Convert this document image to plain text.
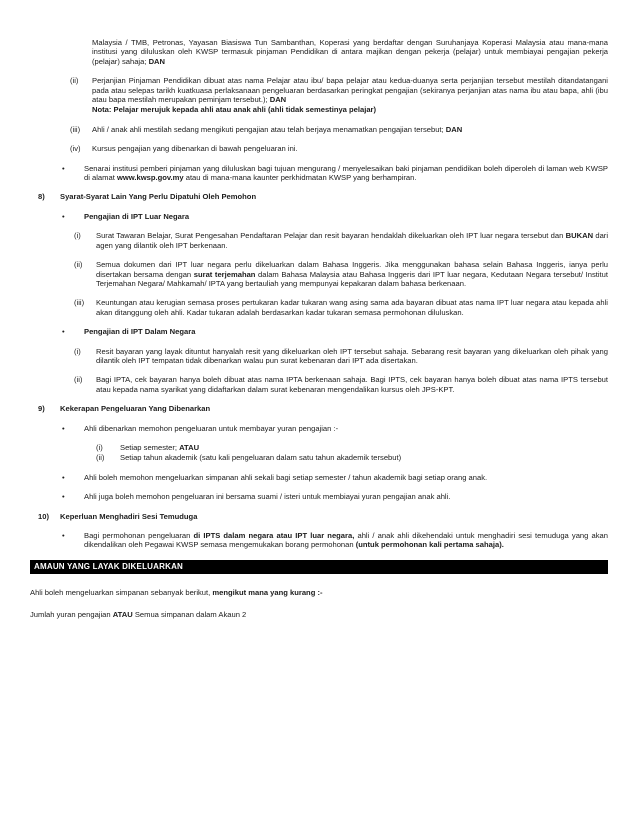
Malaysia / TMB, Petronas, Yayasan Biasiswa Tun Sambanthan, Koperasi yang berdaftar dengan Suruhanjaya Koperasi Malaysia atau mana-mana institusi yang diluluskan oleh KWSP termasuk pinjaman Pendidikan di antara majikan dengan pekerja (pelajar) untuk membiayai pengajian pekerja (pelajar) sahaja; DAN
(ii) Perjanjian Pinjaman Pendidikan dibuat atas nama Pelajar atau ibu/ bapa pelajar atau kedua-duanya serta perjanjian tersebut mestilah ditandatangani pada atau selepas tarikh kuatkuasa perlaksanaan pengeluaran berdasarkan peringkat pengajian (sekiranya perjanjian atas nama ibu atau bapa, ahli (ibu atau bapa mestilah merupakan peminjam tersebut.); DAN
Nota: Pelajar merujuk kepada ahli atau anak ahli (ahli tidak semestinya pelajar)
(iii) Ahli / anak ahli mestilah sedang mengikuti pengajian atau telah berjaya menamatkan pengajian tersebut; DAN
(iv) Kursus pengajian yang dibenarkan di bawah pengeluaran ini.
•	Senarai institusi pemberi pinjaman yang diluluskan bagi tujuan mengurang / menyelesaikan baki pinjaman pendidikan boleh diperoleh di laman web KWSP di alamat www.kwsp.gov.my atau di mana-mana kaunter perkhidmatan KWSP yang berhampiran.
8) Syarat-Syarat Lain Yang Perlu Dipatuhi Oleh Pemohon
•	Pengajian di IPT Luar Negara
(i) Surat Tawaran Belajar, Surat Pengesahan Pendaftaran Pelajar dan resit bayaran hendaklah dikeluarkan oleh IPT luar negara tersebut dan BUKAN dari agen yang dilantik oleh IPT berkenaan.
(ii) Semua dokumen dari IPT luar negara perlu dikeluarkan dalam Bahasa Inggeris. Jika menggunakan bahasa selain Bahasa Inggeris, ianya perlu disertakan bersama dengan surat terjemahan dalam Bahasa Malaysia atau Bahasa Inggeris dari IPT luar negara, Kedutaan Negara tersebut/ Institut Terjemahan Negara/ Mahkamah/ IPTA yang bertauliah yang mempunyai kepakaran dalam bahasa berkenaan.
(iii) Keuntungan atau kerugian semasa proses pertukaran kadar tukaran wang asing sama ada bayaran dibuat atas nama IPT luar negara atau kepada ahli akan ditanggung oleh ahli. Kadar tukaran adalah berdasarkan kadar tukaran semasa permohonan diluluskan.
•	Pengajian di IPT Dalam Negara
(i) Resit bayaran yang layak dituntut hanyalah resit yang dikeluarkan oleh IPT tersebut sahaja. Sebarang resit bayaran yang dikeluarkan oleh pihak yang dilantik oleh IPT tempatan tidak dibenarkan walau pun surat kebenaran dari IPT ada disertakan.
(ii) Bagi IPTA, cek bayaran hanya boleh dibuat atas nama IPTA berkenaan sahaja. Bagi IPTS, cek bayaran hanya boleh dibuat atas nama IPTS tersebut atau kepada nama syarikat yang didaftarkan dalam surat kebenaran mengendalikan kursus oleh JPS-KPT.
9) Kekerapan Pengeluaran Yang Dibenarkan
•	Ahli dibenarkan memohon pengeluaran untuk membayar yuran pengajian :-
(i) Setiap semester; ATAU
(ii) Setiap tahun akademik (satu kali pengeluaran dalam satu tahun akademik tersebut)
•	Ahli boleh memohon mengeluarkan simpanan ahli sekali bagi setiap semester / tahun akademik bagi setiap orang anak.
•	Ahli juga boleh memohon pengeluaran ini bersama suami / isteri untuk membiayai yuran pengajian anak ahli.
10) Keperluan Menghadiri Sesi Temuduga
•	Bagi permohonan pengeluaran di IPTS dalam negara atau IPT luar negara, ahli / anak ahli dikehendaki untuk menghadiri sesi temuduga yang akan dikendalikan oleh Pegawai KWSP semasa mengemukakan borang permohonan (untuk permohonan kali pertama sahaja).
AMAUN YANG LAYAK DIKELUARKAN
Ahli boleh mengeluarkan simpanan sebanyak berikut, mengikut mana yang kurang :-
Jumlah yuran pengajian ATAU Semua simpanan dalam Akaun 2
